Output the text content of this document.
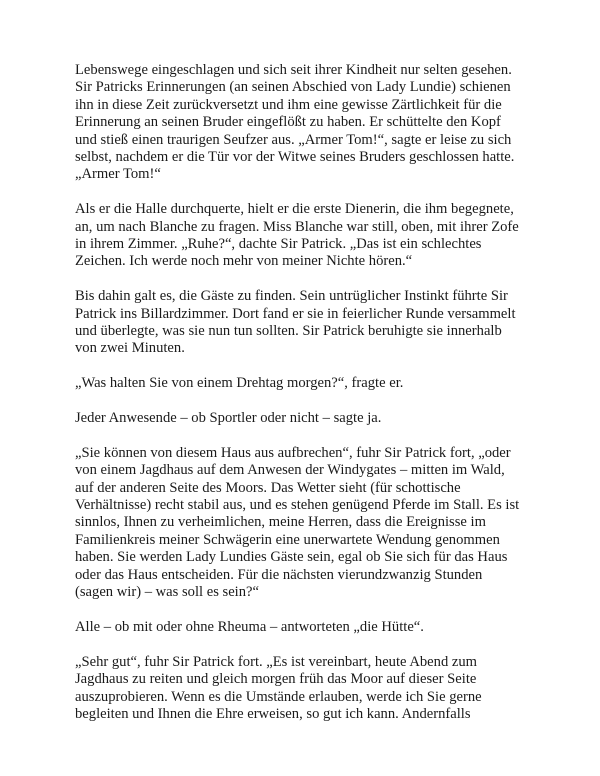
Lebenswege eingeschlagen und sich seit ihrer Kindheit nur selten gesehen.
Sir Patricks Erinnerungen (an seinen Abschied von Lady Lundie) schienen
ihn in diese Zeit zurückversetzt und ihm eine gewisse Zärtlichkeit für die
Erinnerung an seinen Bruder eingeflößt zu haben. Er schüttelte den Kopf
und stieß einen traurigen Seufzer aus. „Armer Tom!“, sagte er leise zu sich
selbst, nachdem er die Tür vor der Witwe seines Bruders geschlossen hatte.
„Armer Tom!“

Als er die Halle durchquerte, hielt er die erste Dienerin, die ihm begegnete,
an, um nach Blanche zu fragen. Miss Blanche war still, oben, mit ihrer Zofe
in ihrem Zimmer. „Ruhe?“, dachte Sir Patrick. „Das ist ein schlechtes
Zeichen. Ich werde noch mehr von meiner Nichte hören.“

Bis dahin galt es, die Gäste zu finden. Sein untrüglicher Instinkt führte Sir
Patrick ins Billardzimmer. Dort fand er sie in feierlicher Runde versammelt
und überlegte, was sie nun tun sollten. Sir Patrick beruhigte sie innerhalb
von zwei Minuten.

„Was halten Sie von einem Drehtag morgen?“, fragte er.

Jeder Anwesende – ob Sportler oder nicht – sagte ja.

„Sie können von diesem Haus aus aufbrechen“, fuhr Sir Patrick fort, „oder
von einem Jagdhaus auf dem Anwesen der Windygates – mitten im Wald,
auf der anderen Seite des Moors. Das Wetter sieht (für schottische
Verhältnisse) recht stabil aus, und es stehen genügend Pferde im Stall. Es ist
sinnlos, Ihnen zu verheimlichen, meine Herren, dass die Ereignisse im
Familienkreis meiner Schwägerin eine unerwartete Wendung genommen
haben. Sie werden Lady Lundies Gäste sein, egal ob Sie sich für das Haus
oder das Haus entscheiden. Für die nächsten vierundzwanzig Stunden
(sagen wir) – was soll es sein?“

Alle – ob mit oder ohne Rheuma – antworteten „die Hütte“.

„Sehr gut“, fuhr Sir Patrick fort. „Es ist vereinbart, heute Abend zum
Jagdhaus zu reiten und gleich morgen früh das Moor auf dieser Seite
auszuprobieren. Wenn es die Umstände erlauben, werde ich Sie gerne
begleiten und Ihnen die Ehre erweisen, so gut ich kann. Andernfalls
